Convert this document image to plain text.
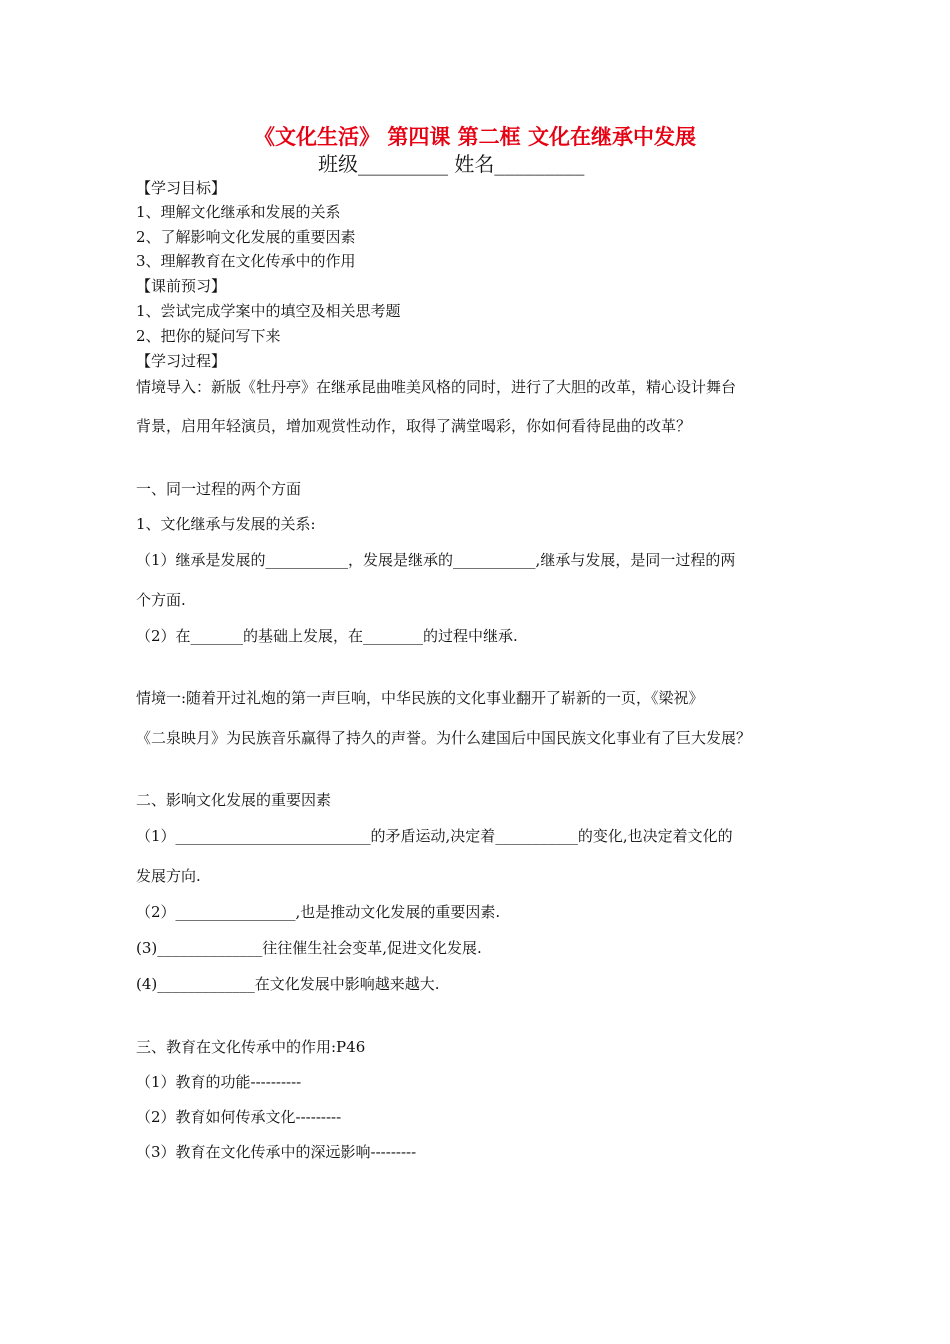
《文化生活》 第四课 第二框 文化在继承中发展
班级_________ 姓名_________
【学习目标】
1、理解文化继承和发展的关系
2、了解影响文化发展的重要因素
3、理解教育在文化传承中的作用
【课前预习】
1、尝试完成学案中的填空及相关思考题
2、把你的疑问写下来
【学习过程】
情境导入：新版《牡丹亭》在继承昆曲唯美风格的同时，进行了大胆的改革，精心设计舞台
背景，启用年轻演员，增加观赏性动作，取得了满堂喝彩，你如何看待昆曲的改革？
一、同一过程的两个方面
1、文化继承与发展的关系:
（1）继承是发展的___________，发展是继承的___________,继承与发展，是同一过程的两
个方面.
（2）在_______的基础上发展，在________的过程中继承.
情境一:随着开过礼炮的第一声巨响，中华民族的文化事业翻开了崭新的一页，《梁祝》
《二泉映月》为民族音乐赢得了持久的声誉。为什么建国后中国民族文化事业有了巨大发展？
二、影响文化发展的重要因素
（1）__________________________的矛盾运动,决定着___________的变化,也决定着文化的
发展方向.
（2）________________,也是推动文化发展的重要因素.
(3)______________往往催生社会变革,促进文化发展.
(4)_____________在文化发展中影响越来越大.
三、教育在文化传承中的作用:P46
（1）教育的功能----------
（2）教育如何传承文化---------
（3）教育在文化传承中的深远影响---------
